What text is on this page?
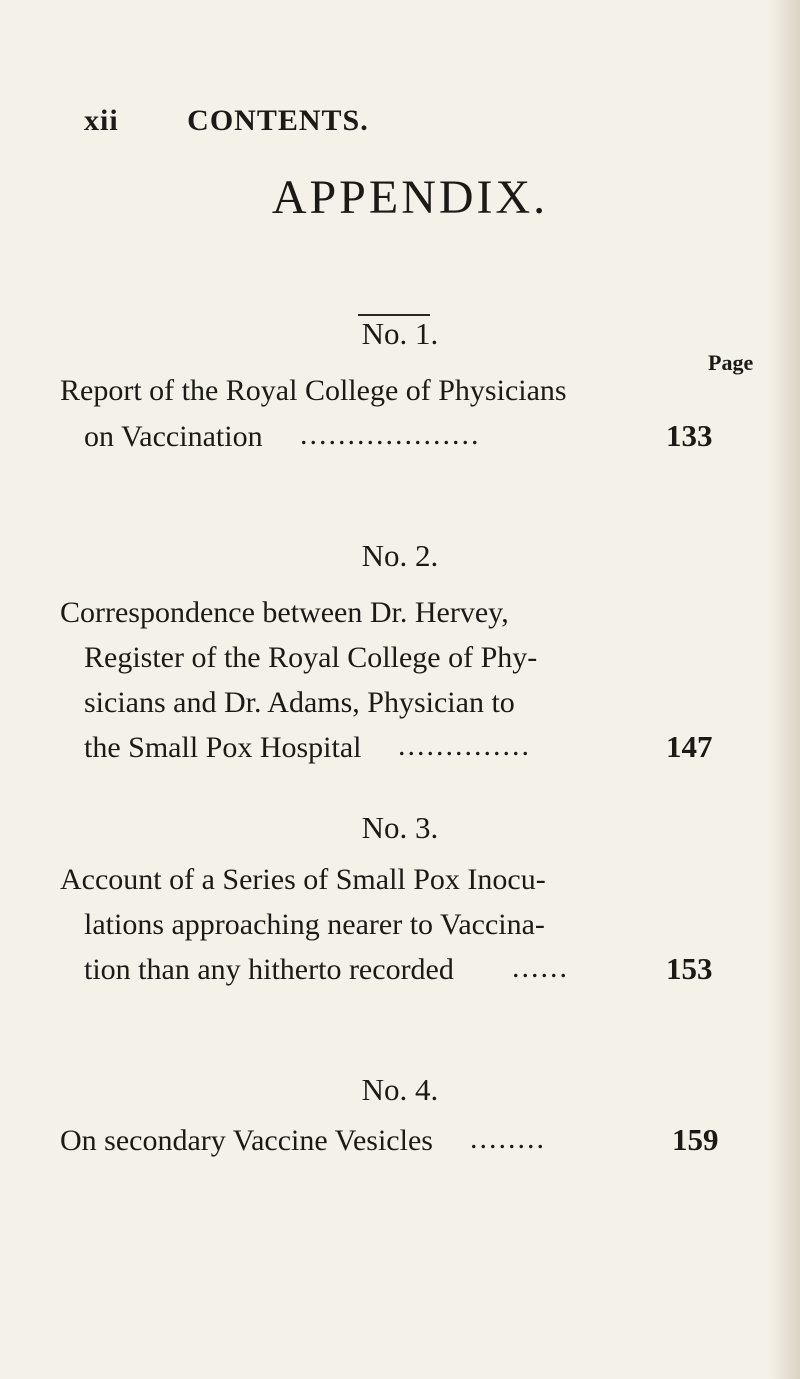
xii CONTENTS.
APPENDIX.
No. 1.
Page
Report of the Royal College of Physicians
on Vaccination ...................	133
No. 2.
Correspondence between Dr. Hervey,
Register of the Royal College of Phy-
sicians and Dr. Adams, Physician to
the Small Pox Hospital ..............	147
No. 3.
Account of a Series of Small Pox Inocu-
lations approaching nearer to Vaccina-
tion than any hitherto recorded ......	153
No. 4.
On secondary Vaccine Vesicles ........	159
